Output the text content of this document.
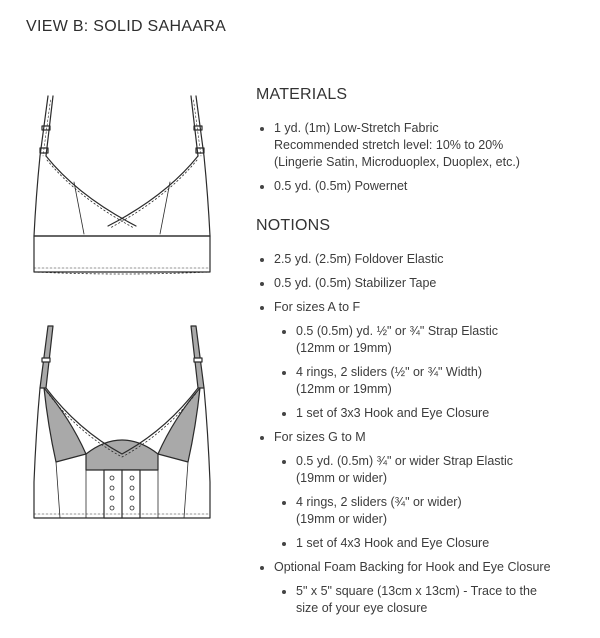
VIEW B: SOLID SAHAARA
MATERIALS
1 yd. (1m) Low-Stretch Fabric
Recommended stretch level: 10% to 20%
(Lingerie Satin, Microduoplex, Duoplex, etc.)
0.5 yd. (0.5m) Powernet
NOTIONS
2.5 yd. (2.5m) Foldover Elastic
0.5 yd. (0.5m) Stabilizer Tape
For sizes A to F
0.5 (0.5m) yd. ½" or ¾" Strap Elastic
(12mm or 19mm)
4 rings, 2 sliders (½" or ¾" Width)
(12mm or 19mm)
1 set of 3x3 Hook and Eye Closure
For sizes G to M
0.5 yd. (0.5m) ¾" or wider Strap Elastic
(19mm or wider)
4 rings, 2 sliders (¾" or wider)
(19mm or wider)
1 set of 4x3 Hook and Eye Closure
Optional Foam Backing for Hook and Eye Closure
5" x 5" square (13cm x 13cm) - Trace to the
size of your eye closure
